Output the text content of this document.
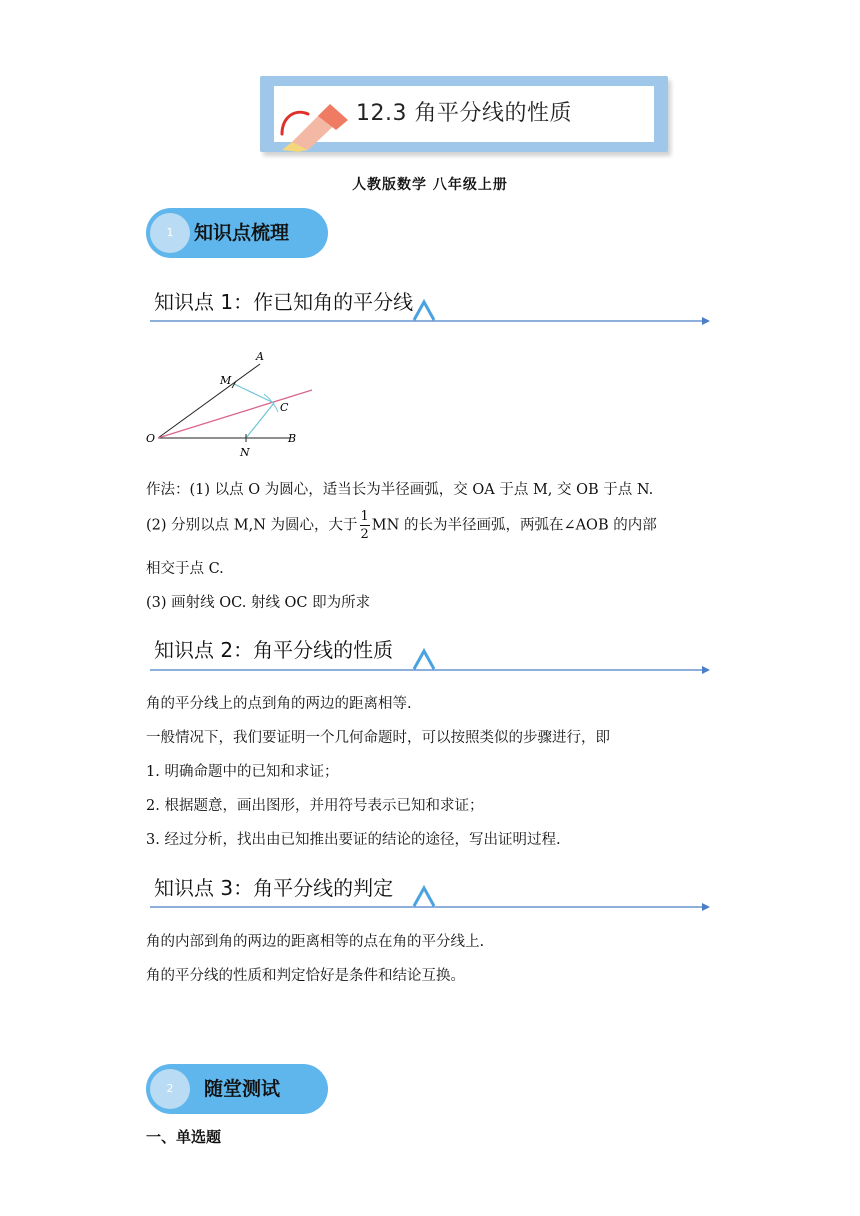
12.3 角平分线的性质
人教版数学 八年级上册
1	知识点梳理
知识点 1：作已知角的平分线
A
M
C
O
N
B
作法：(1) 以点 O 为圆心，适当长为半径画弧，交 OA 于点 M, 交 OB 于点 N.
(2) 分别以点 M,N 为圆心，大于 $\frac{1}{2}$ MN 的长为半径画弧，两弧在∠AOB 的内部
相交于点 C.
(3) 画射线 OC. 射线 OC 即为所求
知识点 2：角平分线的性质
角的平分线上的点到角的两边的距离相等.
一般情况下，我们要证明一个几何命题时，可以按照类似的步骤进行，即
1. 明确命题中的已知和求证；
2. 根据题意，画出图形，并用符号表示已知和求证；
3. 经过分析，找出由已知推出要证的结论的途径，写出证明过程.
知识点 3：角平分线的判定
角的内部到角的两边的距离相等的点在角的平分线上.
角的平分线的性质和判定恰好是条件和结论互换。
2	随堂测试
一、单选题
